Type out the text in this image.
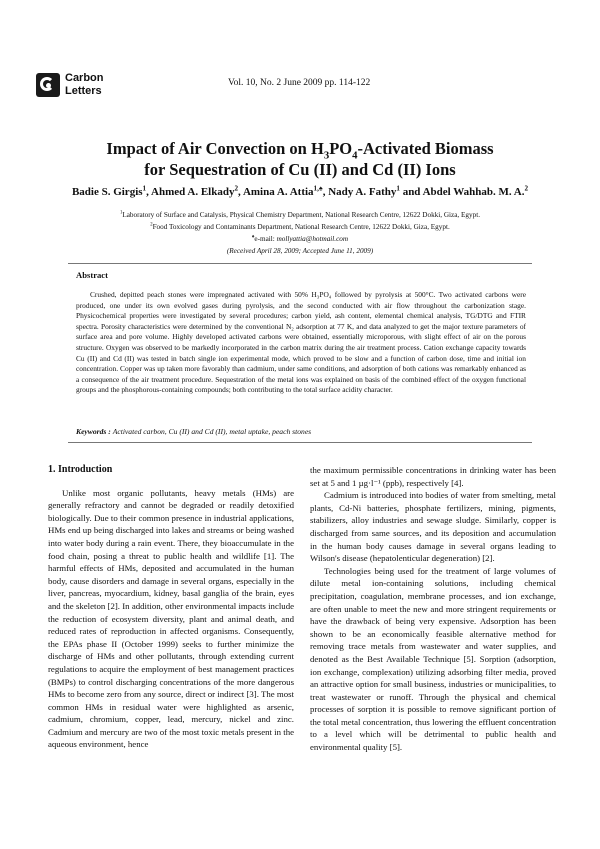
Carbon
Letters
Vol. 10, No. 2 June 2009 pp. 114-122
Impact of Air Convection on $H_3PO_4$-Activated Biomass
for Sequestration of Cu (II) and Cd (II) Ions
Badie S. Girgis$^1$, Ahmed A. Elkady$^2$, Amina A. Attia$^{1,♠}$, Nady A. Fathy$^1$ and Abdel Wahhab. M. A.$^2$
$^1$Laboratory of Surface and Catalysis, Physical Chemistry Department, National Research Centre, 12622 Dokki, Giza, Egypt.
$^2$Food Toxicology and Contaminants Department, National Research Centre, 12622 Dokki, Giza, Egypt.
♠e-mail: mollyattia@hotmail.com
(Received April 28, 2009; Accepted June 11, 2009)
Abstract

Crushed, depitted peach stones were impregnated activated with 50% H₃PO₄ followed by pyrolysis at 500°C. Two activated carbons were produced, one under its own evolved gases during pyrolysis, and the second conducted with air flow throughout the carbonization stage. Physicochemical properties were investigated by several procedures; carbon yield, ash content, elemental chemical analysis, TG/DTG and FTIR spectra. Porosity characteristics were determined by the conventional N₂ adsorption at 77 K, and data analyzed to get the major texture parameters of surface area and pore volume. Highly developed activated carbons were obtained, essentially microporous, with slight effect of air on the porous structure. Oxygen was observed to be markedly incorporated in the carbon matrix during the air treatment process. Cation exchange capacity towards Cu (II) and Cd (II) was tested in batch single ion experimental mode, which proved to be slow and a function of carbon dose, time and initial ion concentration. Copper was up taken more favorably than cadmium, under same conditions, and adsorption of both cations was remarkably enhanced as a consequence of the air treatment procedure. Sequestration of the metal ions was explained on basis of the combined effect of the oxygen functional groups and the phosphorous-containing compounds; both contributing to the total surface acidity character.

Keywords : Activated carbon, Cu (II) and Cd (II), metal uptake, peach stones
1. Introduction

Unlike most organic pollutants, heavy metals (HMs) are generally refractory and cannot be degraded or readily detoxified biologically. Due to their common presence in industrial applications, HMs end up being discharged into lakes and streams or being washed into water body during a rain event. There, they bioaccumulate in the food chain, posing a threat to public health and wildlife [1]. The harmful effects of HMs, deposited and accumulated in the human body, cause disorders and damage in several organs, especially in the liver, pancreas, myocardium, kidney, basal ganglia of the brain, eyes and the skeleton [2]. In addition, other environmental impacts include the reduction of ecosystem diversity, plant and animal death, and reduced rates of reproduction in affected organisms. Consequently, the EPAs phase II (October 1999) seeks to further minimize the discharge of HMs and other pollutants, through extending current regulations to acquire the employment of best management practices (BMPs) to control discharging concentrations of the more dangerous HMs to become zero from any source, direct or indirect [3]. The most common HMs in residual water were highlighted as arsenic, cadmium, chromium, copper, lead, mercury, nickel and zinc. Cadmium and mercury are two of the most toxic metals present in the aqueous environment, hence

the maximum permissible concentrations in drinking water has been set at 5 and 1 µg·l⁻¹ (ppb), respectively [4].

Cadmium is introduced into bodies of water from smelting, metal plants, Cd-Ni batteries, phosphate fertilizers, mining, pigments, stabilizers, alloy industries and sewage sludge. Similarly, copper is discharged from same sources, and its deposition and accumulation in the human body causes damage in several organs leading to Wilson's disease (hepatolenticular degeneration) [2].

Technologies being used for the treatment of large volumes of dilute metal ion-containing solutions, including chemical precipitation, coagulation, membrane processes, and ion exchange, are often unable to meet the new and more stringent requirements or have the drawback of being very expensive. Adsorption has been shown to be an economically feasible alternative method for removing trace metals from wastewater and water supplies, and denoted as the Best Available Technique [5]. Sorption (adsorption, ion exchange, complexation) utilizing adsorbing filter media, proved an attractive option for small business, industries or municipalities, to treat wastewater or runoff. Through the physical and chemical processes of sorption it is possible to remove significant portion of the total metal concentration, thus lowering the effluent concentration to a level which will be detrimental to public health and environmental quality [5].
